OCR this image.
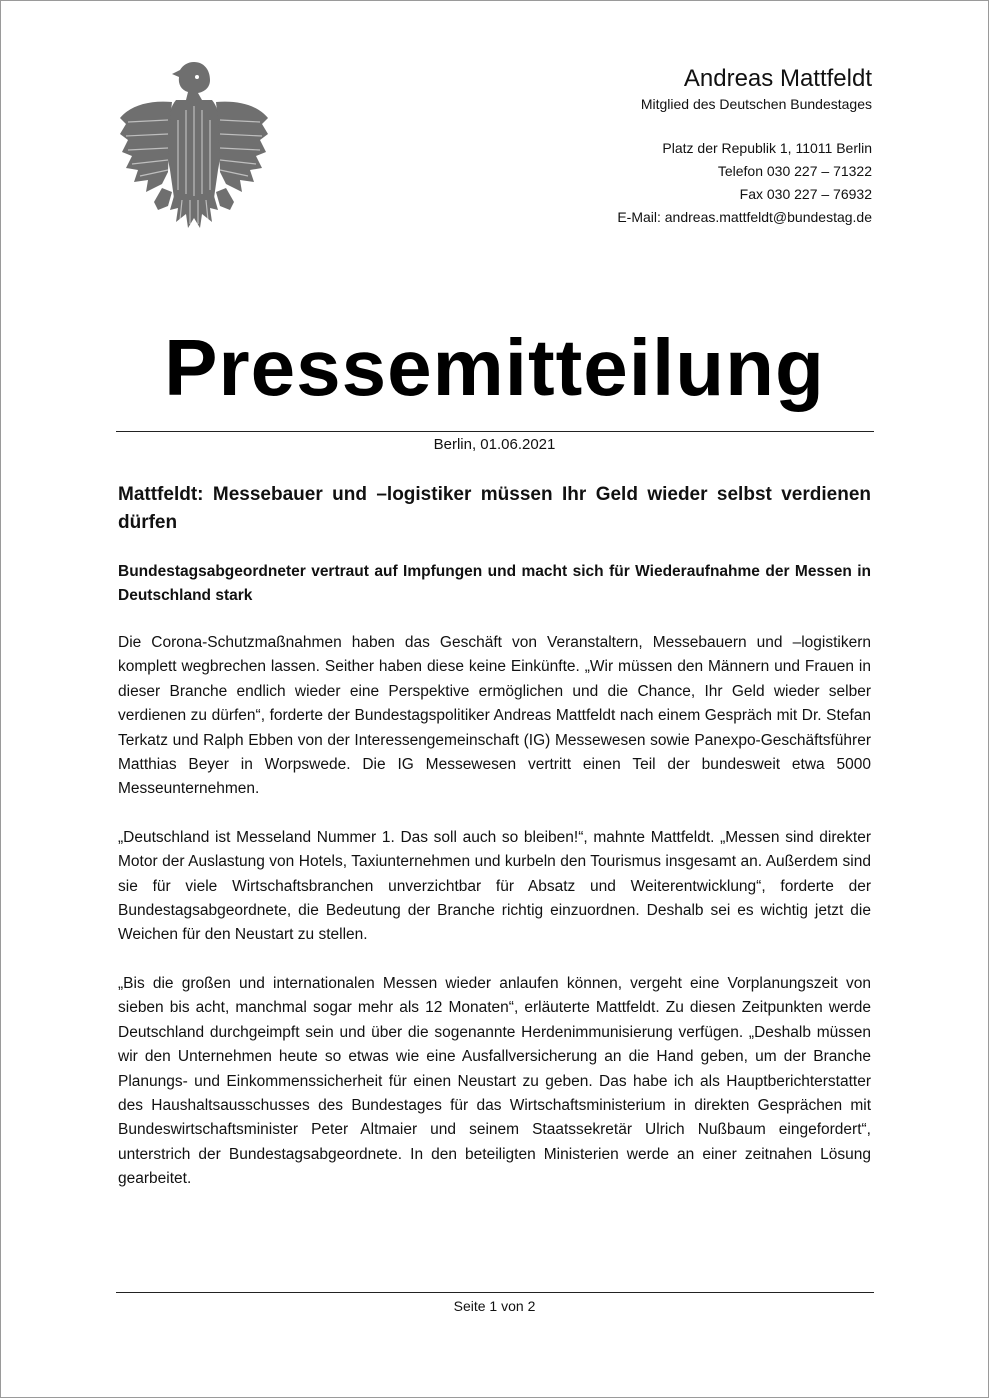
Andreas Mattfeldt
Mitglied des Deutschen Bundestages
Platz der Republik 1, 11011 Berlin
Telefon 030 227 – 71322
Fax 030 227 – 76932
E-Mail: andreas.mattfeldt@bundestag.de
Pressemitteilung
Berlin, 01.06.2021
Mattfeldt: Messebauer und –logistiker müssen Ihr Geld wieder selbst verdienen dürfen
Bundestagsabgeordneter vertraut auf Impfungen und macht sich für Wiederaufnahme der Messen in Deutschland stark
Die Corona-Schutzmaßnahmen haben das Geschäft von Veranstaltern, Messebauern und –logistikern komplett wegbrechen lassen. Seither haben diese keine Einkünfte. „Wir müssen den Männern und Frauen in dieser Branche endlich wieder eine Perspektive ermöglichen und die Chance, Ihr Geld wieder selber verdienen zu dürfen“, forderte der Bundestagspolitiker Andreas Mattfeldt nach einem Gespräch mit Dr. Stefan Terkatz und Ralph Ebben von der Interessengemeinschaft (IG) Messewesen sowie Panexpo-Geschäftsführer Matthias Beyer in Worpswede. Die IG Messewesen vertritt einen Teil der bundesweit etwa 5000 Messeunternehmen.
„Deutschland ist Messeland Nummer 1. Das soll auch so bleiben!“, mahnte Mattfeldt. „Messen sind direkter Motor der Auslastung von Hotels, Taxiunternehmen und kurbeln den Tourismus insgesamt an. Außerdem sind sie für viele Wirtschaftsbranchen unverzichtbar für Absatz und Weiterentwicklung“, forderte der Bundestagsabgeordnete, die Bedeutung der Branche richtig einzuordnen. Deshalb sei es wichtig jetzt die Weichen für den Neustart zu stellen.
„Bis die großen und internationalen Messen wieder anlaufen können, vergeht eine Vorplanungszeit von sieben bis acht, manchmal sogar mehr als 12 Monaten“, erläuterte Mattfeldt. Zu diesen Zeitpunkten werde Deutschland durchgeimpft sein und über die sogenannte Herdenimmunisierung verfügen. „Deshalb müssen wir den Unternehmen heute so etwas wie eine Ausfallversicherung an die Hand geben, um der Branche Planungs- und Einkommenssicherheit für einen Neustart zu geben. Das habe ich als Hauptberichterstatter des Haushaltsausschusses des Bundestages für das Wirtschaftsministerium in direkten Gesprächen mit Bundeswirtschaftsminister Peter Altmaier und seinem Staatssekretär Ulrich Nußbaum eingefordert“, unterstrich der Bundestagsabgeordnete. In den beteiligten Ministerien werde an einer zeitnahen Lösung gearbeitet.
Seite 1 von 2
